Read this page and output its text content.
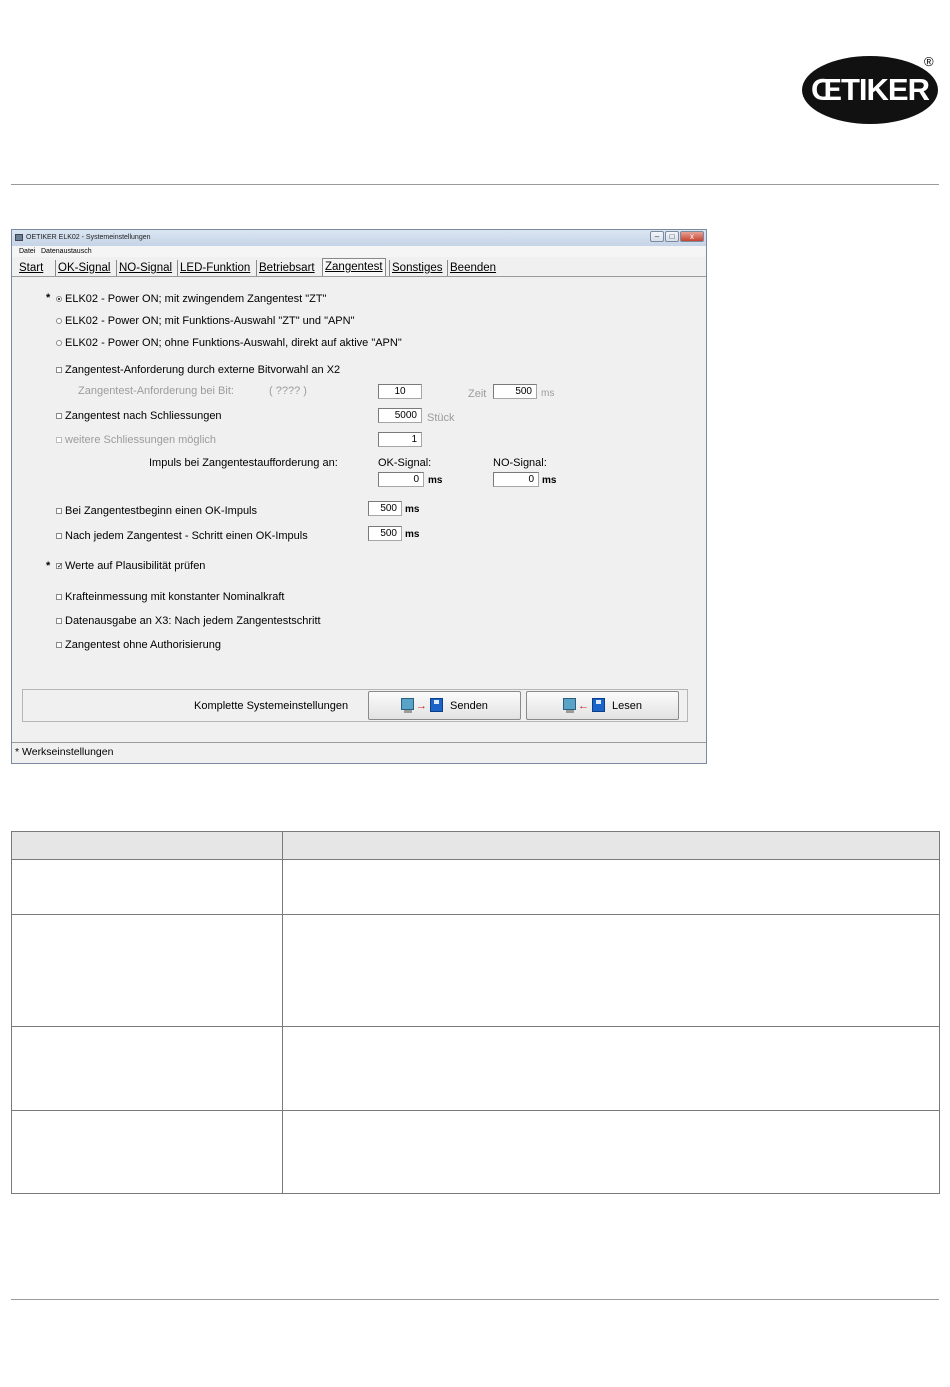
ŒTIKER
®
OETIKER ELK02 - Systemeinstellungen	–	□	x
Datei Datenaustausch
Start OK-Signal NO-Signal LED-Funktion Betriebsart Zangentest Sonstiges Beenden
* ELK02 - Power ON; mit zwingendem Zangentest "ZT"
ELK02 - Power ON; mit Funktions-Auswahl "ZT" und "APN"
ELK02 - Power ON; ohne Funktions-Auswahl, direkt auf aktive "APN"
Zangentest-Anforderung durch externe Bitvorwahl an X2
Zangentest-Anforderung bei Bit:	( ???? )	10	Zeit	500 ms
Zangentest nach Schliessungen	5000 Stück
weitere Schliessungen möglich	1
Impuls bei Zangentestaufforderung an:	OK-Signal:	NO-Signal:
0 ms	0 ms
Bei Zangentestbeginn einen OK-Impuls	500 ms
Nach jedem Zangentest - Schritt einen OK-Impuls	500 ms
* ✓ Werte auf Plausibilität prüfen
Krafteinmessung mit konstanter Nominalkraft
Datenausgabe an X3: Nach jedem Zangentestschritt
Zangentest ohne Authorisierung
Komplette Systemeinstellungen	→ Senden	← Lesen
* Werkseinstellungen
